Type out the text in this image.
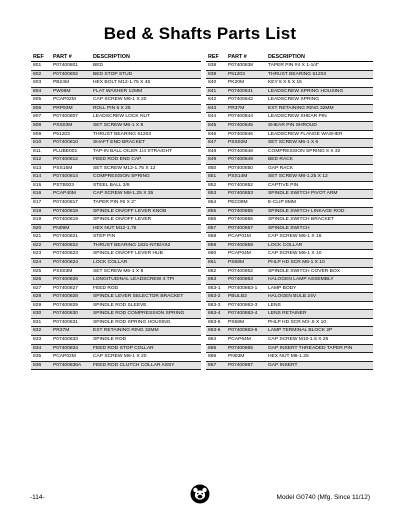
Bed & Shafts Parts List
REF	PART #	DESCRIPTION
801	P07400801	BED
802	P07400802	BED STOP STUD
803	PB24M	HEX BOLT M12-1.75 X 45
804	PW06M	FLAT WASHER 12MM
805	PCAP02M	CAP SCREW M6-1 X 20
806	PRP93M	ROLL PIN 6 X 25
807	P07400807	LEADSCREW LOCK NUT
808	PSS03M	SET SCREW M6-1 X 8
809	P51203	THRUST BEARING 51203
810	P07400810	SHAFT END BRACKET
811	PLUBE001	TAP-IN BALL OILER 1/4 STRAIGHT
812	P07400812	FEED ROD END CAP
813	PSS15M	SET SCREW M12-1.75 X 12
814	P07400814	COMPRESSION SPRING
815	PSTB003	STEEL BALL 3/8
816	PCAP40M	CAP SCREW M8-1.25 X 35
817	P07400817	TAPER PIN #6 X 2"
818	P07400818	SPINDLE ON/OFF LEVER KNOB
819	P07400819	SPINDLE ON/OFF LEVER
820	PN09M	HEX NUT M12-1.75
821	P07400821	STEP PIN
822	P07400822	THRUST BEARING 1831-NTB/AS2
823	P07400823	SPINDLE ON/OFF LEVER HUB
824	P07400824	LOCK COLLAR
825	PSS03M	SET SCREW M6-1 X 8
826	P07400826	LONGITUDINAL LEADSCREW 4 TPI
827	P07400827	FEED ROD
828	P07400828	SPINDLE LEVER SELECTOR BRACKET
829	P07400829	SPINDLE ROD SLEEVE
830	P07400830	SPINDLE ROD COMPRESSION SPRING
831	P07400831	SPINDLE ROD SPRING HOUSING
832	PR37M	EXT RETAINING RING 32MM
833	P07400833	SPINDLE ROD
834	P07400834	FEED ROD STOP COLLAR
835	PCAP02M	CAP SCREW M6-1 X 20
836	P07400836A	FEED ROD CLUTCH COLLAR ASSY
REF	PART #	DESCRIPTION
838	P07400838	TAPER PIN #4 X 1-1/4"
839	P51203	THRUST BEARING 51203
840	PK20M	KEY 5 X 5 X 15
841	P07400841	LEADSCREW SPRING HOUSING
842	P07400842	LEADSCREW SPRING
843	PR37M	EXT RETAINING RING 32MM
844	P07400844	LEADSCREW SHEAR PIN
845	P07400845	SHEAR PIN SHROUD
846	P07400846	LEADSCREW FLANGE WASHER
847	PSS02M	SET SCREW M6-1 X 6
848	P07400848	COMPRESSION SPRING 8 X 32
849	P07400849	BED RACK
850	P07400850	GAP RACK
851	PSS14M	SET SCREW M8-1.25 X 12
852	P07400852	CAPTIVE PIN
853	P07400853	SPINDLE SWITCH PIVOT ARM
854	PEC09M	E-CLIP 8MM
855	P07400855	SPINDLE SWITCH LINKAGE ROD
856	P07400856	SPINDLE SWITCH BRACKET
857	P07400857	SPINDLE SWITCH
858	PCAP01M	CAP SCREW M6-1 X 16
859	P07400859	LOCK COLLAR
860	PCAP04M	CAP SCREW M6-1 X 10
861	PS68M	PHLP HD SCR M6-1 X 10
862	P07400862	SPINDLE SWITCH COVER BOX
863	P07400863	HALOGEN LAMP ASSEMBLY
863-1	P07400863-1	LAMP BODY
863-2	PBULB3	HALOGEN BULB 24V
863-3	P07400863-3	LENS
863-4	P07400863-4	LENS RETAINER
863-5	PS58M	PHLP HD SCR M3-.5 X 10
863-6	P07400863-6	LAMP TERMINAL BLOCK 2P
864	PCAP64M	CAP SCREW M10-1.5 X 25
865	P07400865	GAP INSERT THREADED TAPER PIN
866	PN03M	HEX NUT M8-1.25
867	P07400867	GAP INSERT
-114-	Model G0740 (Mfg. Since 11/12)
